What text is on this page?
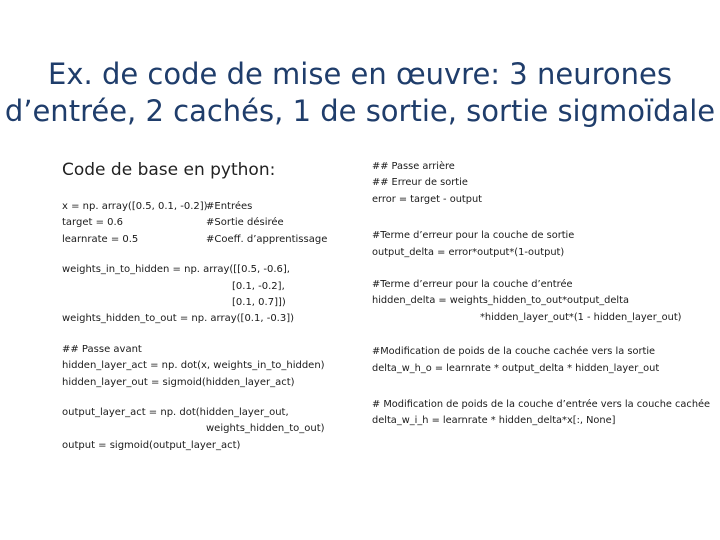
Ex. de code de mise en œuvre: 3 neurones
d’entrée, 2 cachés, 1 de sortie, sortie sigmoïdale
Code de base en python:

x = np. array([0.5, 0.1, -0.2])

#Entrées

target = 0.6

	#Sortie désirée

learnrate = 0.5

	#Coeff. d’apprentissage

weights_in_to_hidden = np. array([[0.5, -0.6],
[0.1, -0.2],
[0.1, 0.7]])
weights_hidden_to_out = np. array([0.1, -0.3])
## Passe avant
hidden_layer_act = np. dot(x, weights_in_to_hidden)
hidden_layer_out = sigmoid(hidden_layer_act)
output_layer_act = np. dot(hidden_layer_out,
weights_hidden_to_out)
output = sigmoid(output_layer_act)
## Passe arrière
## Erreur de sortie
error = target - output
#Terme d’erreur pour la couche de sortie
output_delta = error*output*(1-output)
#Terme d’erreur pour la couche d’entrée
hidden_delta = weights_hidden_to_out*output_delta
*hidden_layer_out*(1 - hidden_layer_out)
#Modification de poids de la couche cachée vers la sortie
delta_w_h_o = learnrate * output_delta * hidden_layer_out
# Modification de poids de la couche d’entrée vers la couche cachée
delta_w_i_h = learnrate * hidden_delta*x[:, None]
